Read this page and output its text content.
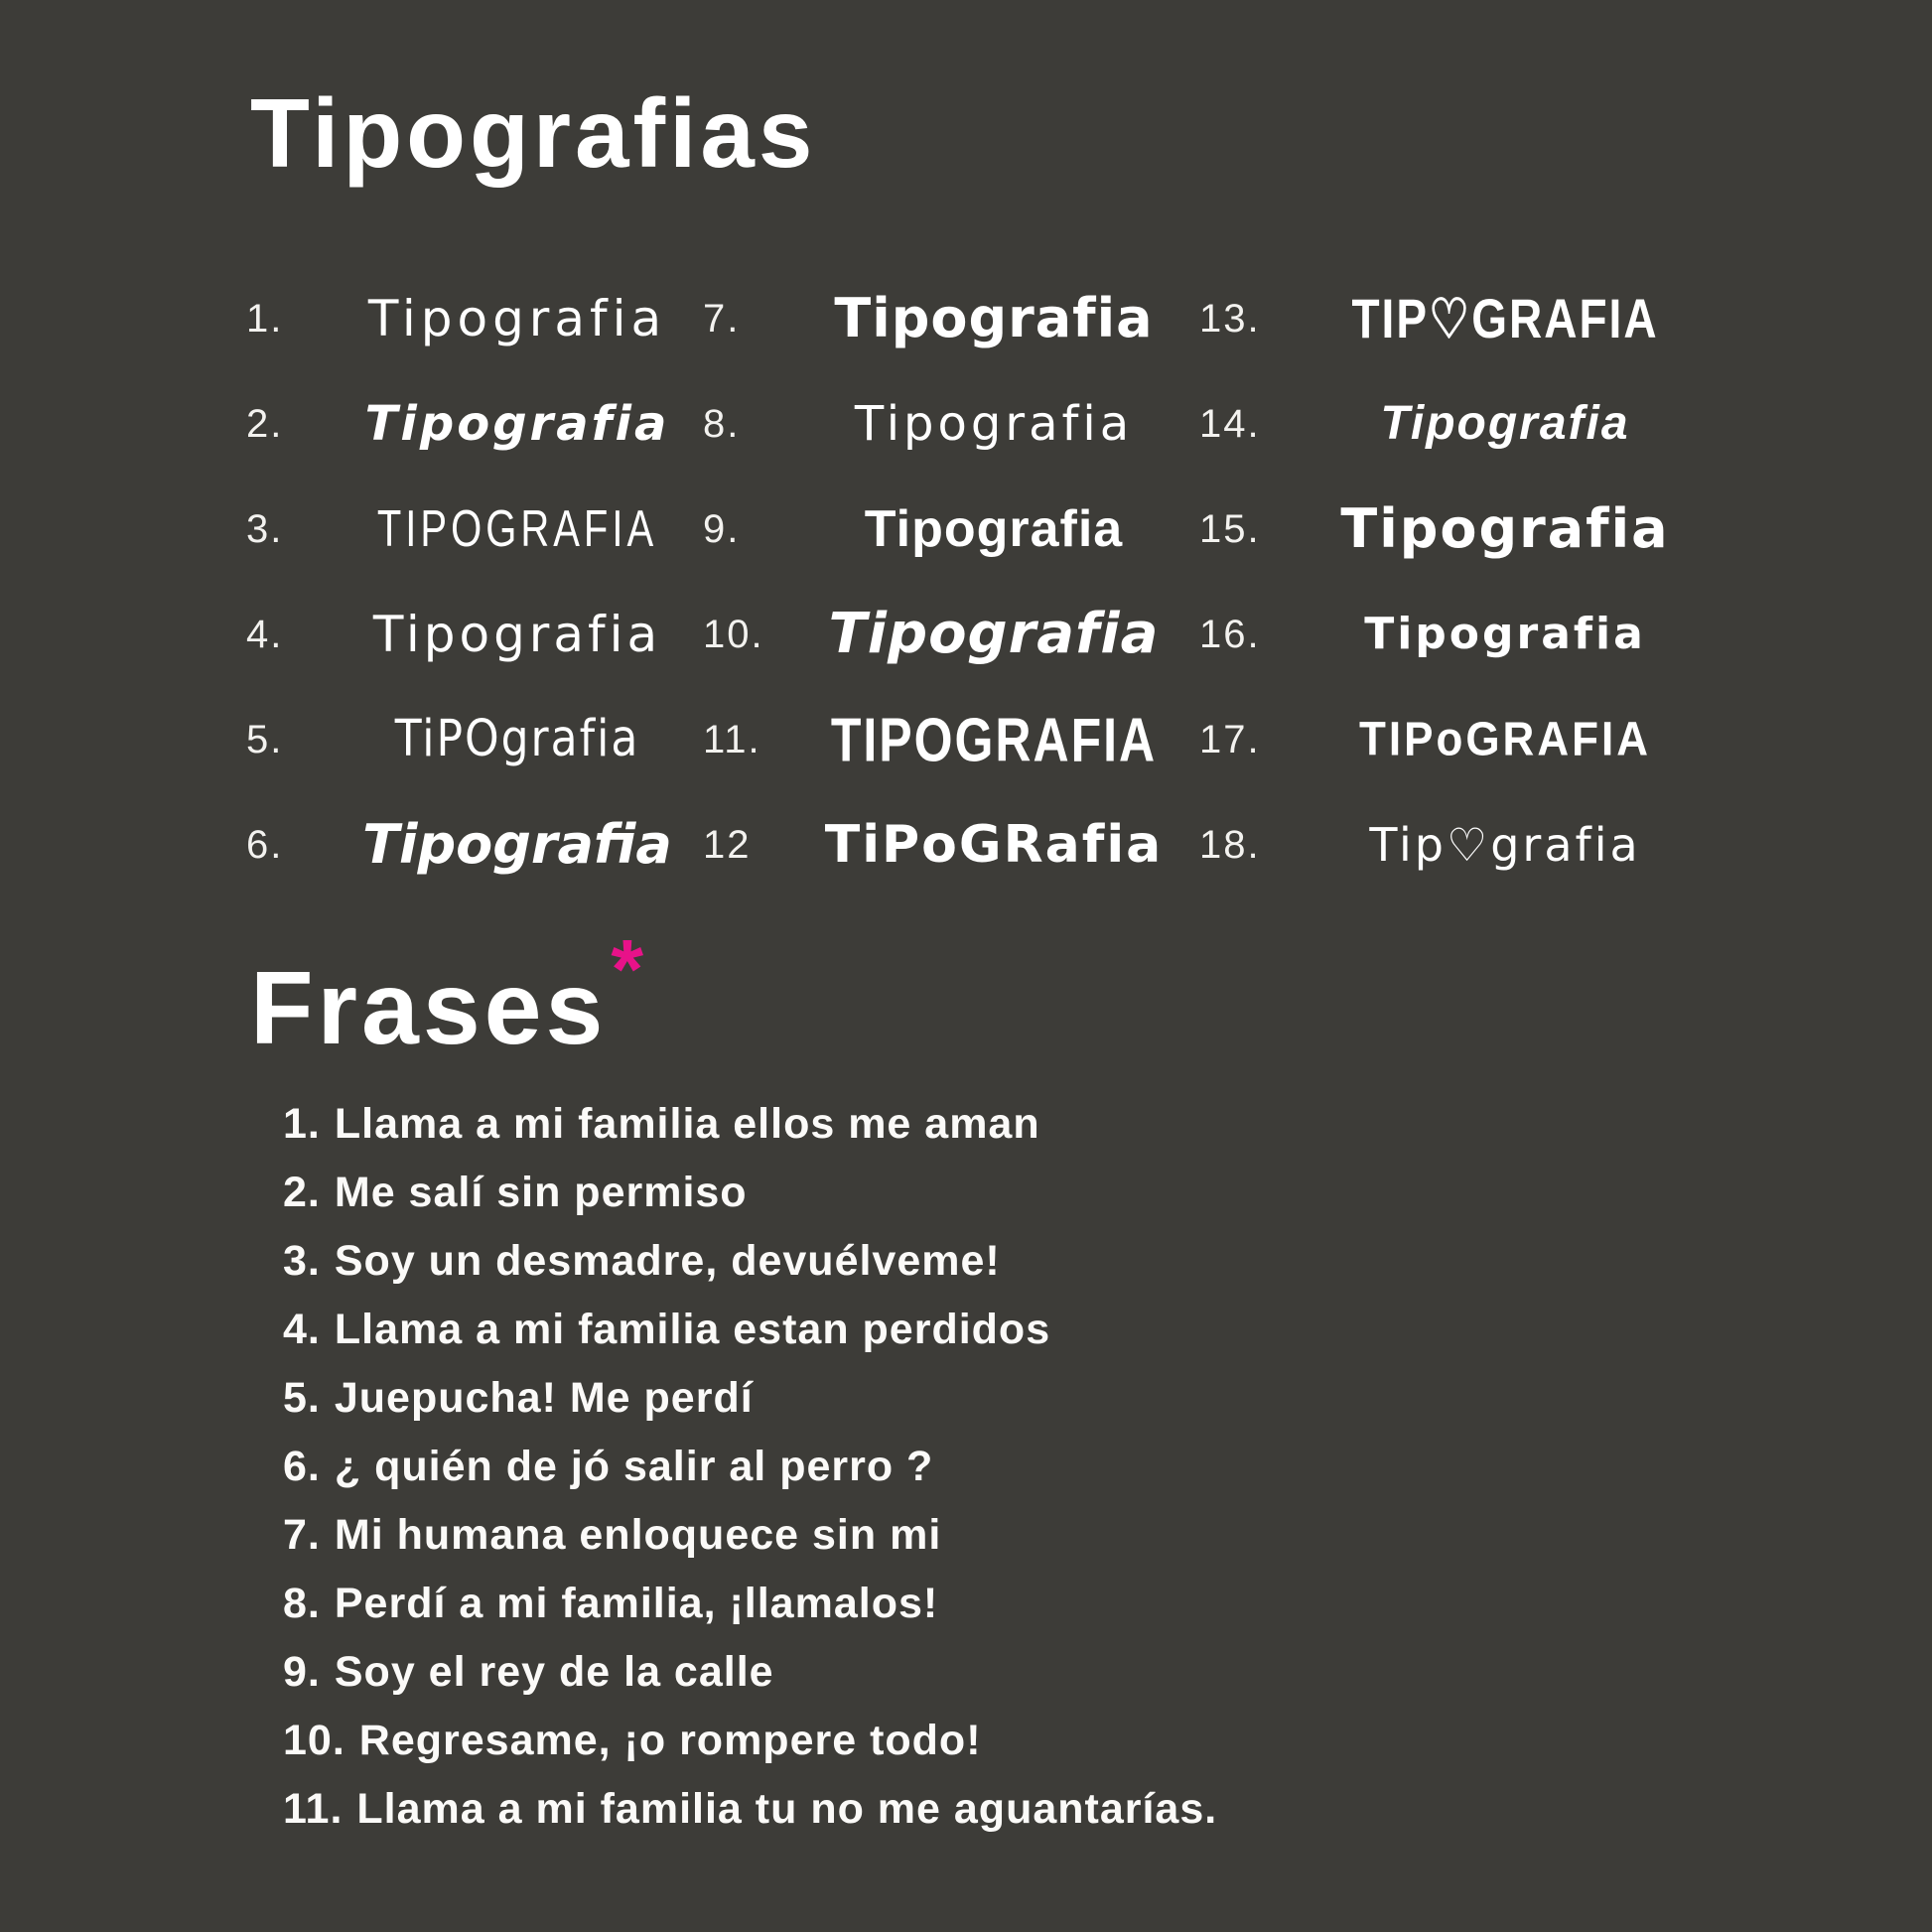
Tipografias
1.	Tipografia
2.	Tipografia
3.	TIPOGRAFIA
4.	Tipografia
5.	TiPOgrafia
6.	Tipografia
7.	Tipografia
8.	Tipografia
9.	Tipografia
10.	Tipografia
11.	TIPOGRAFIA
12	TiPoGRafia
13.	TIP♡GRAFIA
14.	Tipografia
15.	Tipografia
16.	Tipografia
17.	TIPoGRAFIA
18.	Tip♡grafia
Frases*
1. Llama a mi familia ellos me aman
2. Me salí sin permiso
3. Soy un desmadre, devuélveme!
4. Llama a mi familia estan perdidos
5. Juepucha! Me perdí
6. ¿ quién de jó salir al perro ?
7. Mi humana enloquece sin mi
8. Perdí a mi familia, ¡llamalos!
9. Soy el rey de la calle
10. Regresame, ¡o rompere todo!
11. Llama a mi familia tu no me aguantarías.
